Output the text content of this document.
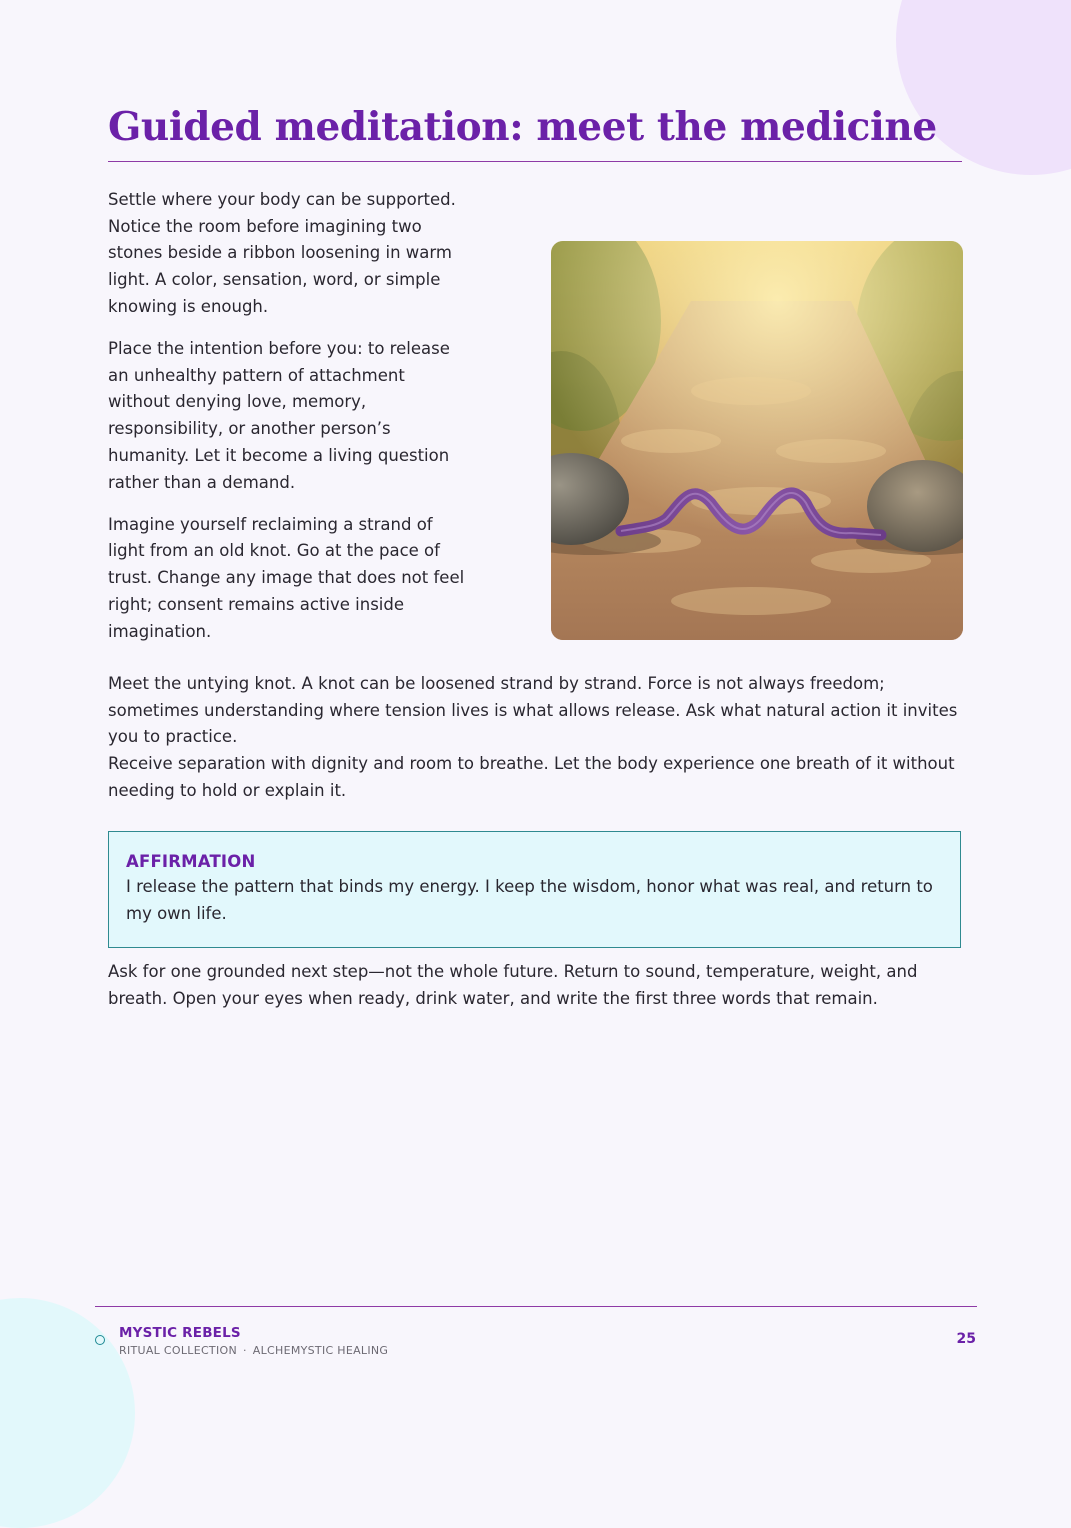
Guided meditation: meet the medicine

Settle where your body can be supported. Notice the room before imagining two stones beside a ribbon loosening in warm light. A color, sensation, word, or simple knowing is enough.

Place the intention before you: to release an unhealthy pattern of attachment without denying love, memory, responsibility, or another person’s humanity. Let it become a living question rather than a demand.

Imagine yourself reclaiming a strand of light from an old knot. Go at the pace of trust. Change any image that does not feel right; consent remains active inside imagination.

Meet the untying knot. A knot can be loosened strand by strand. Force is not always freedom; sometimes understanding where tension lives is what allows release. Ask what natural action it invites you to practice.

Receive separation with dignity and room to breathe. Let the body experience one breath of it without needing to hold or explain it.

AFFIRMATION
I release the pattern that binds my energy. I keep the wisdom, honor what was real, and return to my own life.

Ask for one grounded next step—not the whole future. Return to sound, temperature, weight, and breath. Open your eyes when ready, drink water, and write the first three words that remain.

MYSTIC REBELS
RITUAL COLLECTION · ALCHEMYSTIC HEALING
25
